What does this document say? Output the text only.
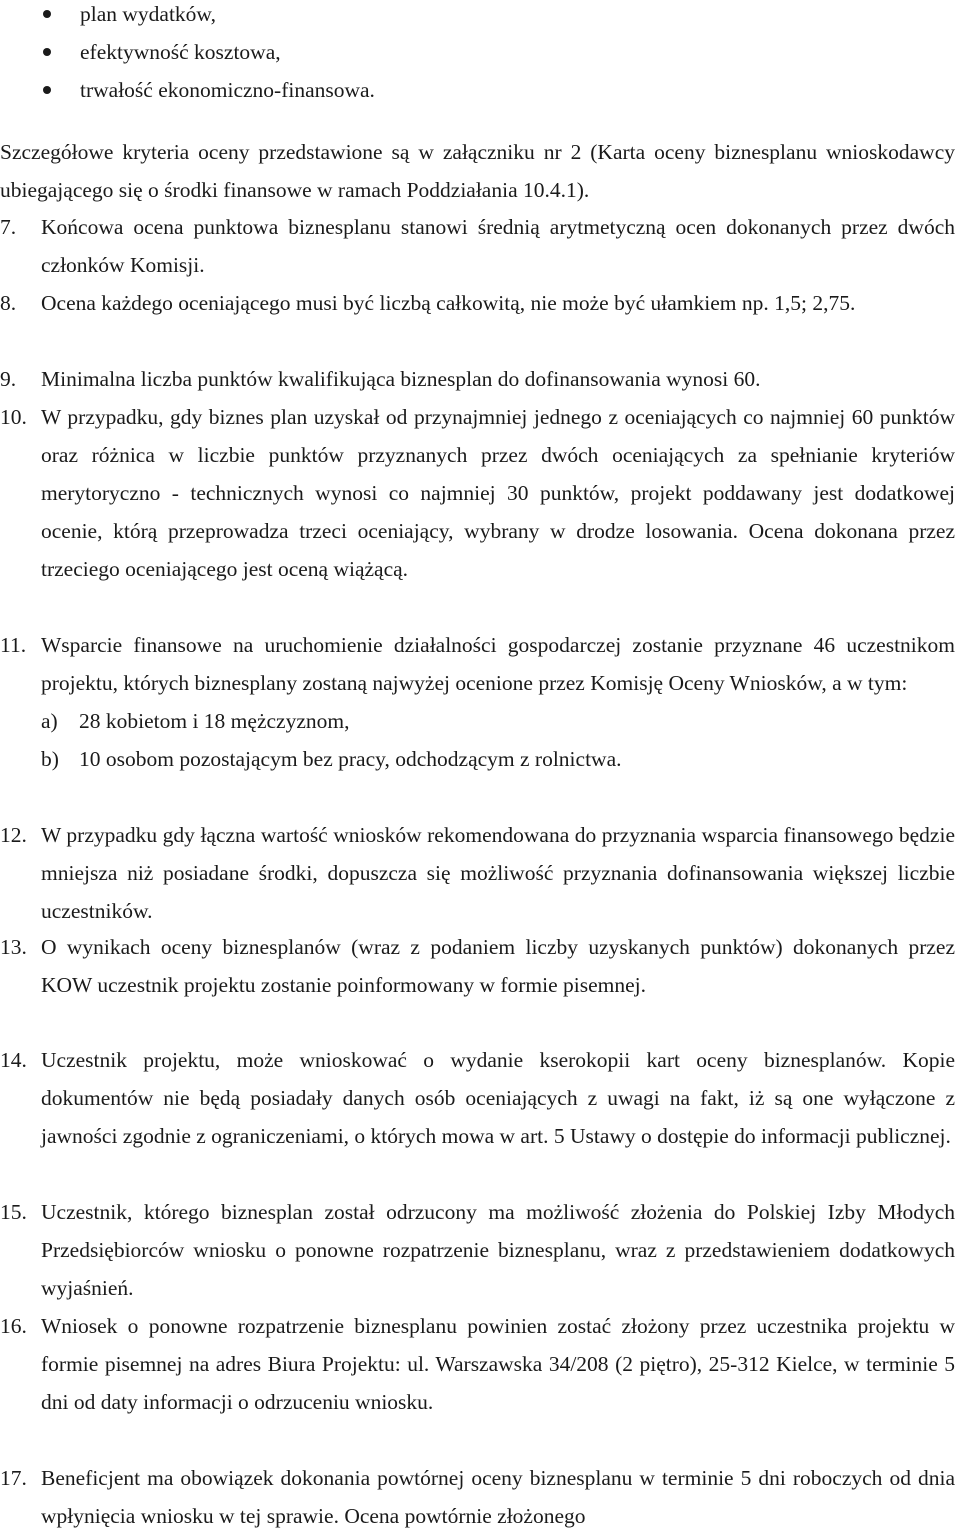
plan wydatków,
efektywność kosztowa,
trwałość ekonomiczno-finansowa.
Szczegółowe kryteria oceny przedstawione są w załączniku nr 2 (Karta oceny biznesplanu wnioskodawcy ubiegającego się o środki finansowe w ramach Poddziałania 10.4.1).
7. Końcowa ocena punktowa biznesplanu stanowi średnią arytmetyczną ocen dokonanych przez dwóch członków Komisji.
8. Ocena każdego oceniającego musi być liczbą całkowitą, nie może być ułamkiem np. 1,5; 2,75.
9. Minimalna liczba punktów kwalifikująca biznesplan do dofinansowania wynosi 60.
10. W przypadku, gdy biznes plan uzyskał od przynajmniej jednego z oceniających co najmniej 60 punktów oraz różnica w liczbie punktów przyznanych przez dwóch oceniających za spełnianie kryteriów merytoryczno - technicznych wynosi co najmniej 30 punktów, projekt poddawany jest dodatkowej ocenie, którą przeprowadza trzeci oceniający, wybrany w drodze losowania. Ocena dokonana przez trzeciego oceniającego jest oceną wiążącą.
11. Wsparcie finansowe na uruchomienie działalności gospodarczej zostanie przyznane 46 uczestnikom projektu, których biznesplany zostaną najwyżej ocenione przez Komisję Oceny Wniosków, a w tym:
a) 28 kobietom i 18 mężczyznom,
b) 10 osobom pozostającym bez pracy, odchodzącym z rolnictwa.
12. W przypadku gdy łączna wartość wniosków rekomendowana do przyznania wsparcia finansowego będzie mniejsza niż posiadane środki, dopuszcza się możliwość przyznania dofinansowania większej liczbie uczestników.
13. O wynikach oceny biznesplanów (wraz z podaniem liczby uzyskanych punktów) dokonanych przez KOW uczestnik projektu zostanie poinformowany w formie pisemnej.
14. Uczestnik projektu, może wnioskować o wydanie kserokopii kart oceny biznesplanów. Kopie dokumentów nie będą posiadały danych osób oceniających z uwagi na fakt, iż są one wyłączone z jawności zgodnie z ograniczeniami, o których mowa w art. 5 Ustawy o dostępie do informacji publicznej.
15. Uczestnik, którego biznesplan został odrzucony ma możliwość złożenia do Polskiej Izby Młodych Przedsiębiorców wniosku o ponowne rozpatrzenie biznesplanu, wraz z przedstawieniem dodatkowych wyjaśnień.
16. Wniosek o ponowne rozpatrzenie biznesplanu powinien zostać złożony przez uczestnika projektu w formie pisemnej na adres Biura Projektu: ul. Warszawska 34/208 (2 piętro), 25-312 Kielce, w terminie 5 dni od daty informacji o odrzuceniu wniosku.
17. Beneficjent ma obowiązek dokonania powtórnej oceny biznesplanu w terminie 5 dni roboczych od dnia wpłynięcia wniosku w tej sprawie. Ocena powtórnie złożonego
